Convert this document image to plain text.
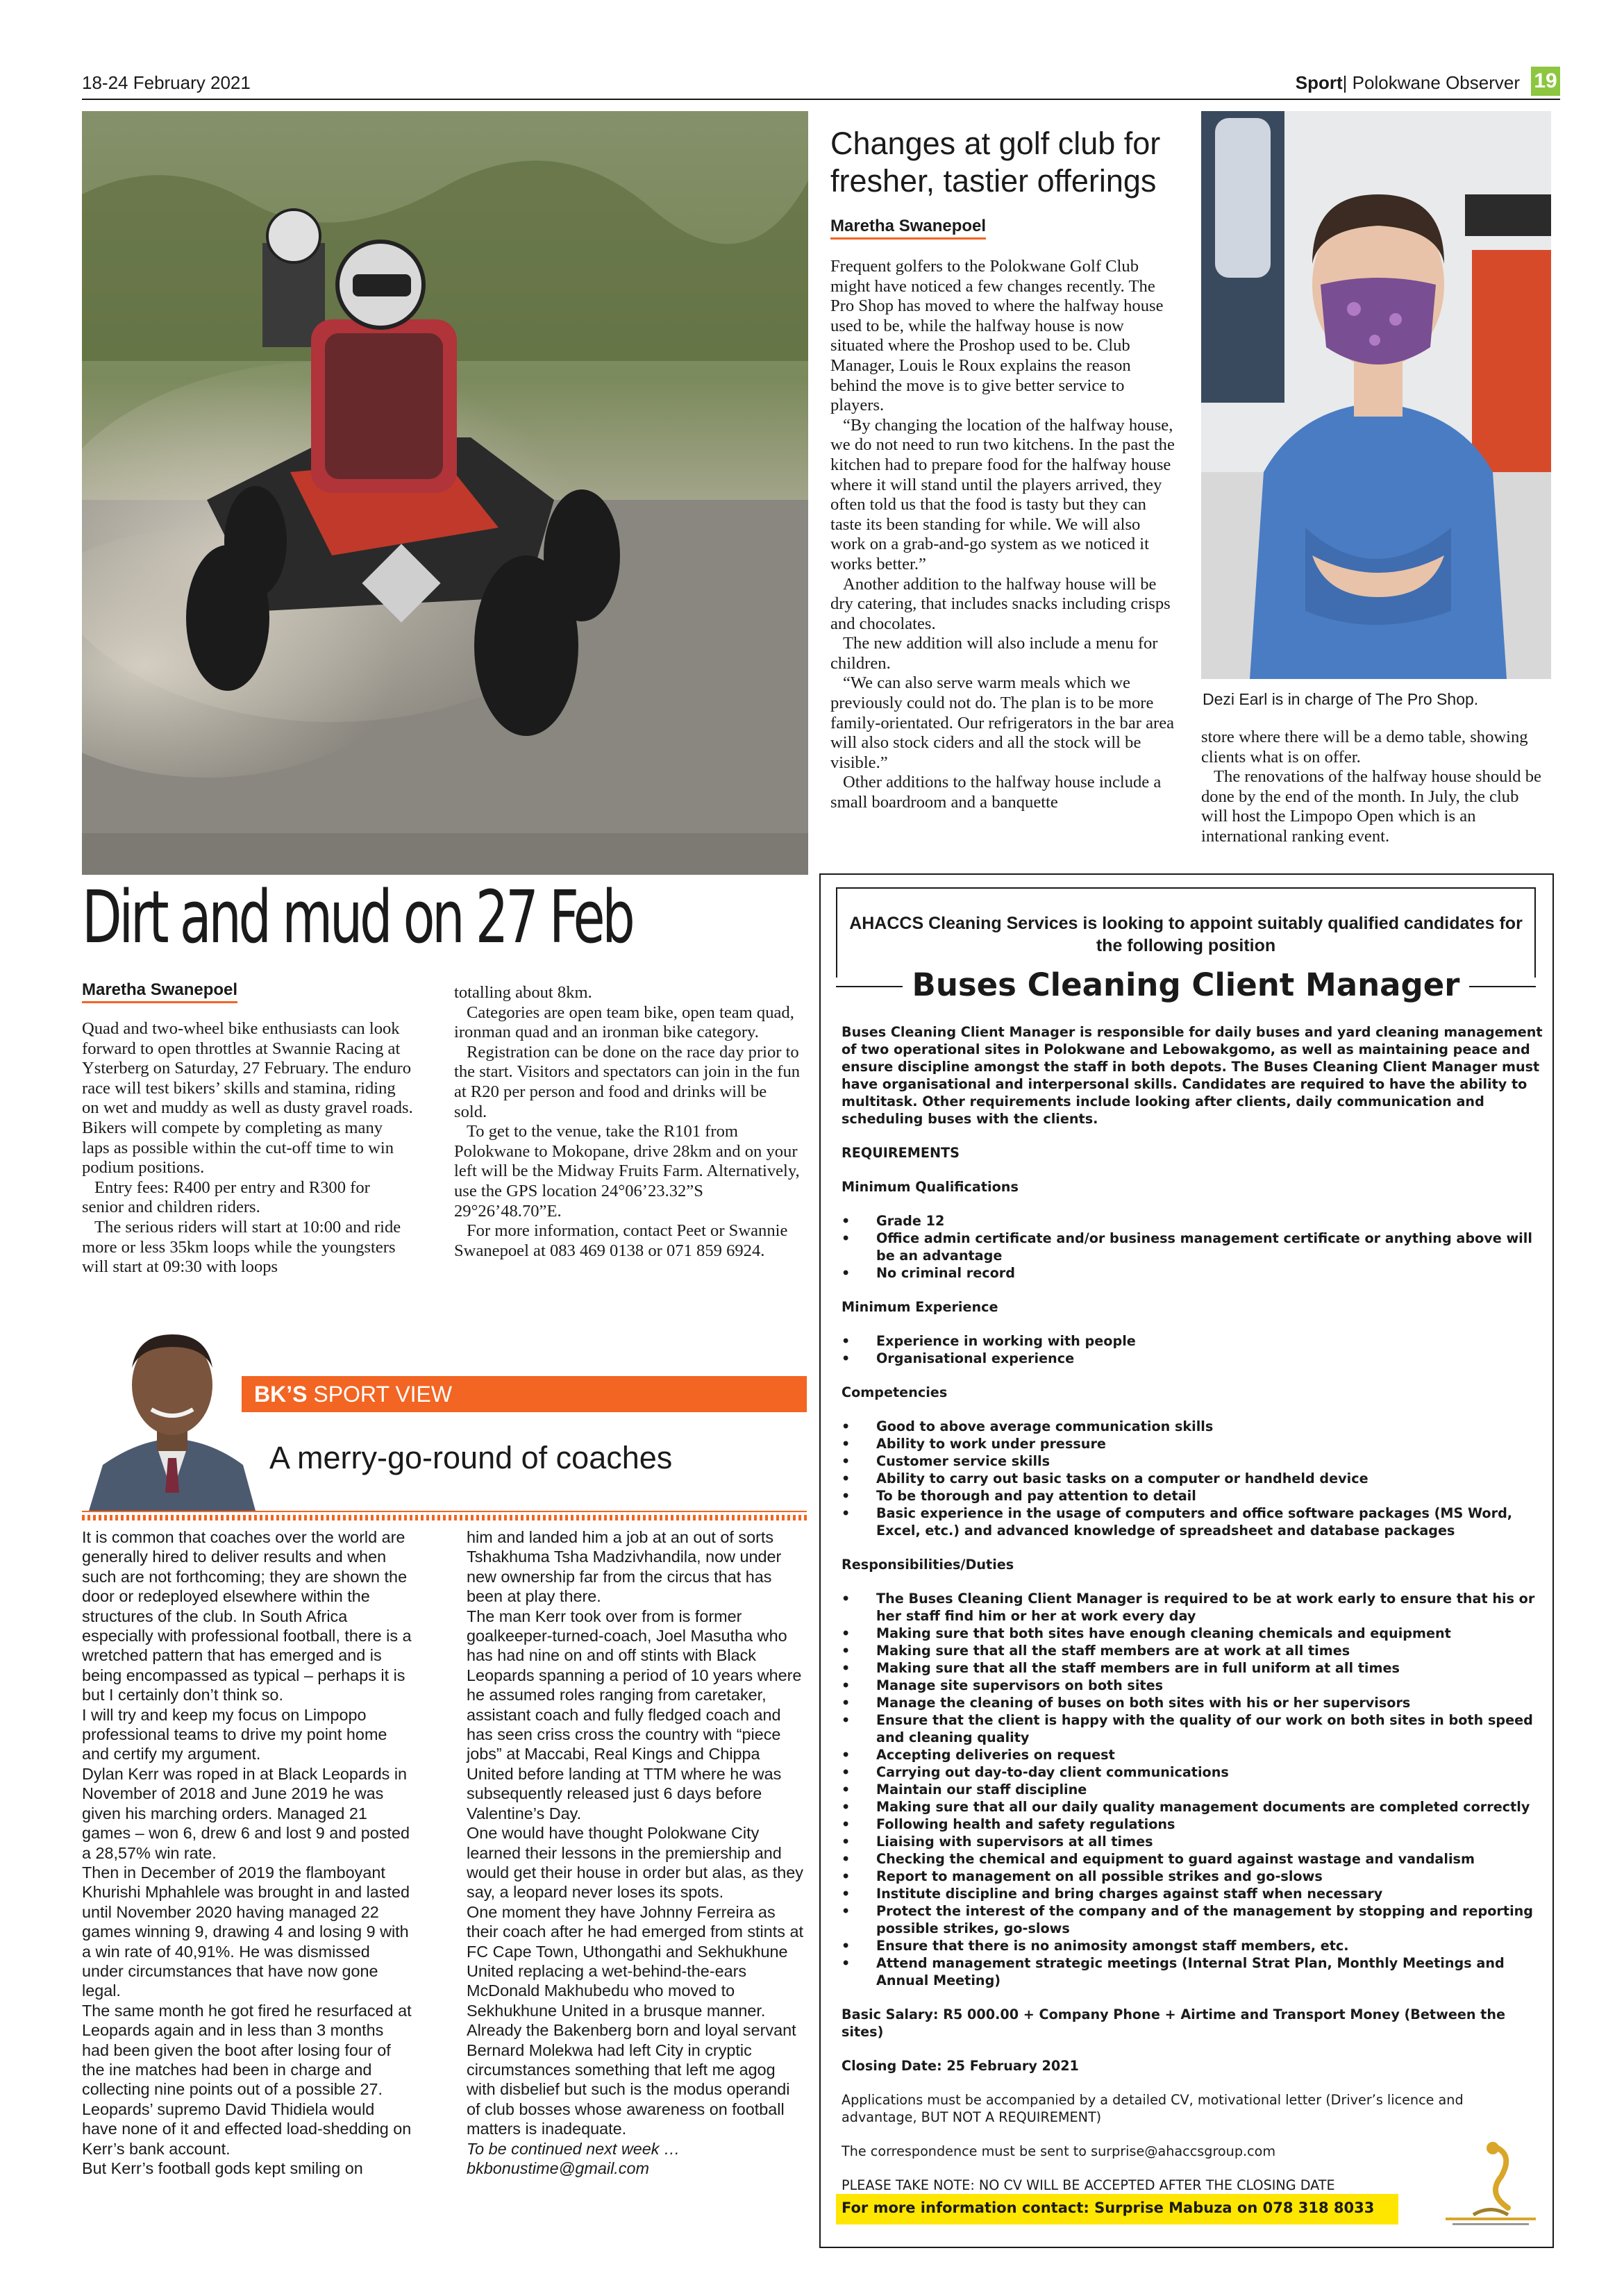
18-24 February 2021	Sport| Polokwane Observer 19
Changes at golf club for
fresher, tastier offerings
Maretha Swanepoel

Frequent golfers to the Polokwane Golf Club might have noticed a few changes recently. The Pro Shop has moved to where the halfway house used to be, while the halfway house is now situated where the Proshop used to be. Club Manager, Louis le Roux explains the reason behind the move is to give better service to players.

“By changing the location of the halfway house, we do not need to run two kitchens. In the past the kitchen had to prepare food for the halfway house where it will stand until the players arrived, they often told us that the food is tasty but they can taste its been standing for while. We will also work on a grab-and-go system as we noticed it works better.”

Another addition to the halfway house will be dry catering, that includes snacks including crisps and chocolates.

The new addition will also include a menu for children.

“We can also serve warm meals which we previously could not do. The plan is to be more family-orientated. Our refrigerators in the bar area will also stock ciders and all the stock will be visible.”

Other additions to the halfway house include a small boardroom and a banquette

Dezi Earl is in charge of The Pro Shop.

store where there will be a demo table, showing clients what is on offer.

The renovations of the halfway house should be done by the end of the month. In July, the club will host the Limpopo Open which is an international ranking event.

Dirt and mud on 27 Feb
Maretha Swanepoel

Quad and two-wheel bike enthusiasts can look forward to open throttles at Swannie Racing at Ysterberg on Saturday, 27 February. The enduro race will test bikers’ skills and stamina, riding on wet and muddy as well as dusty gravel roads. Bikers will compete by completing as many laps as possible within the cut-off time to win podium positions.

Entry fees: R400 per entry and R300 for senior and children riders.

The serious riders will start at 10:00 and ride more or less 35km loops while the youngsters will start at 09:30 with loops

totalling about 8km.

Categories are open team bike, open team quad, ironman quad and an ironman bike category.

Registration can be done on the race day prior to the start. Visitors and spectators can join in the fun at R20 per person and food and drinks will be sold.

To get to the venue, take the R101 from Polokwane to Mokopane, drive 28km and on your left will be the Midway Fruits Farm. Alternatively, use the GPS location 24°06’23.32”S 29°26’48.70”E.

For more information, contact Peet or Swannie Swanepoel at 083 469 0138 or 071 859 6924.

BK’S SPORT VIEW
A merry-go-round of coaches

It is common that coaches over the world are generally hired to deliver results and when such are not forthcoming; they are shown the door or redeployed elsewhere within the structures of the club. In South Africa especially with professional football, there is a wretched pattern that has emerged and is being encompassed as typical – perhaps it is but I certainly don’t think so.

I will try and keep my focus on Limpopo professional teams to drive my point home and certify my argument.

Dylan Kerr was roped in at Black Leopards in November of 2018 and June 2019 he was given his marching orders. Managed 21 games – won 6, drew 6 and lost 9 and posted a 28,57% win rate.

Then in December of 2019 the flamboyant Khurishi Mphahlele was brought in and lasted until November 2020 having managed 22 games winning 9, drawing 4 and losing 9 with a win rate of 40,91%. He was dismissed under circumstances that have now gone legal.

The same month he got fired he resurfaced at Leopards again and in less than 3 months had been given the boot after losing four of the ine matches had been in charge and collecting nine points out of a possible 27.

Leopards’ supremo David Thidiela would have none of it and effected load-shedding on Kerr’s bank account.

But Kerr’s football gods kept smiling on

him and landed him a job at an out of sorts Tshakhuma Tsha Madzivhandila, now under new ownership far from the circus that has been at play there.

The man Kerr took over from is former goalkeeper-turned-coach, Joel Masutha who has had nine on and off stints with Black Leopards spanning a period of 10 years where he assumed roles ranging from caretaker, assistant coach and fully fledged coach and has seen criss cross the country with “piece jobs” at Maccabi, Real Kings and Chippa United before landing at TTM where he was subsequently released just 6 days before Valentine’s Day.

One would have thought Polokwane City learned their lessons in the premiership and would get their house in order but alas, as they say, a leopard never loses its spots.

One moment they have Johnny Ferreira as their coach after he had emerged from stints at FC Cape Town, Uthongathi and Sekhukhune United replacing a wet-behind-the-ears McDonald Makhubedu who moved to Sekhukhune United in a brusque manner. Already the Bakenberg born and loyal servant Bernard Molekwa had left City in cryptic circumstances something that left me agog with disbelief but such is the modus operandi of club bosses whose awareness on football matters is inadequate.

To be continued next week …

bkbonustime@gmail.com

AHACCS Cleaning Services is looking to appoint suitably qualified candidates for the following position
Buses Cleaning Client Manager

Buses Cleaning Client Manager is responsible for daily buses and yard cleaning management of two operational sites in Polokwane and Lebowakgomo, as well as maintaining peace and ensure discipline amongst the staff in both depots. The Buses Cleaning Client Manager must have organisational and interpersonal skills. Candidates are required to have the ability to multitask. Other requirements include looking after clients, daily communication and scheduling buses with the clients.

REQUIREMENTS

Minimum Qualifications

• Grade 12
• Office admin certificate and/or business management certificate or anything above will be an advantage
• No criminal record

Minimum Experience

• Experience in working with people
• Organisational experience

Competencies

• Good to above average communication skills
• Ability to work under pressure
• Customer service skills
• Ability to carry out basic tasks on a computer or handheld device
• To be thorough and pay attention to detail
• Basic experience in the usage of computers and office software packages (MS Word, Excel, etc.) and advanced knowledge of spreadsheet and database packages

Responsibilities/Duties

• The Buses Cleaning Client Manager is required to be at work early to ensure that his or her staff find him or her at work every day
• Making sure that both sites have enough cleaning chemicals and equipment
• Making sure that all the staff members are at work at all times
• Making sure that all the staff members are in full uniform at all times
• Manage site supervisors on both sites
• Manage the cleaning of buses on both sites with his or her supervisors
• Ensure that the client is happy with the quality of our work on both sites in both speed and cleaning quality
• Accepting deliveries on request
• Carrying out day-to-day client communications
• Maintain our staff discipline
• Making sure that all our daily quality management documents are completed correctly
• Following health and safety regulations
• Liaising with supervisors at all times
• Checking the chemical and equipment to guard against wastage and vandalism
• Report to management on all possible strikes and go-slows
• Institute discipline and bring charges against staff when necessary
• Protect the interest of the company and of the management by stopping and reporting possible strikes, go-slows
• Ensure that there is no animosity amongst staff members, etc.
• Attend management strategic meetings (Internal Strat Plan, Monthly Meetings and Annual Meeting)

Basic Salary: R5 000.00 + Company Phone + Airtime and Transport Money (Between the sites)

Closing Date: 25 February 2021

Applications must be accompanied by a detailed CV, motivational letter (Driver’s licence and advantage, BUT NOT A REQUIREMENT)

The correspondence must be sent to surprise@ahaccsgroup.com

PLEASE TAKE NOTE: NO CV WILL BE ACCEPTED AFTER THE CLOSING DATE

For more information contact: Surprise Mabuza on 078 318 8033
